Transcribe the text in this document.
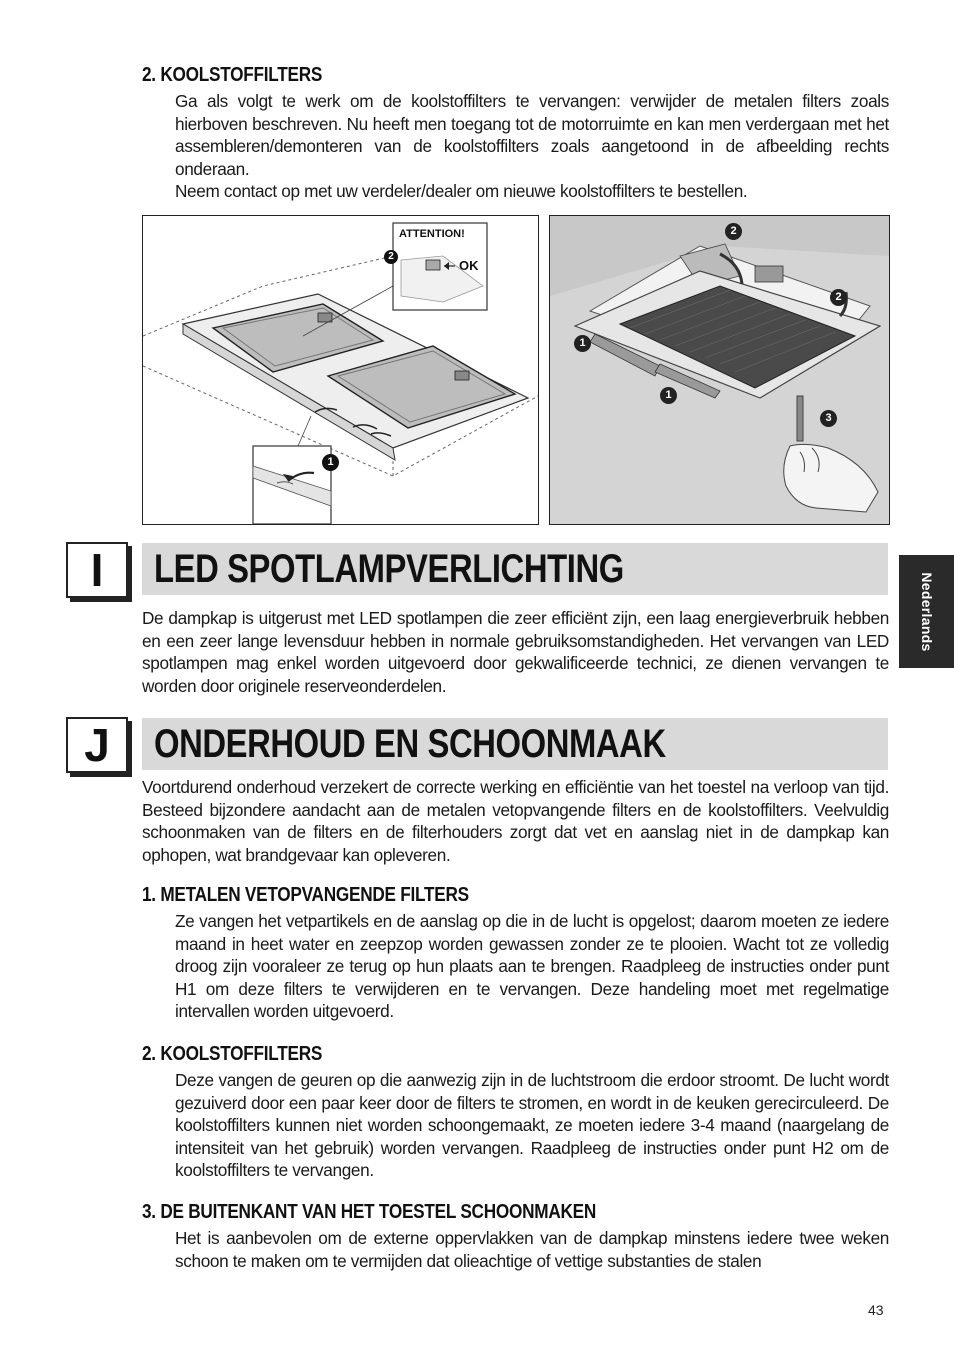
2. KOOLSTOFFILTERS

Ga als volgt te werk om de koolstoffilters te vervangen: verwijder de metalen filters zoals hierboven beschreven. Nu heeft men toegang tot de motorruimte en kan men verdergaan met het assembleren/demonteren van de koolstoffilters zoals aangetoond in de afbeelding rechts onderaan.

Neem contact op met uw verdeler/dealer om nieuwe koolstoffilters te bestellen.

ATTENTION!
OK
2
1
2
2
1
1
3
I	LED SPOTLAMPVERLICHTING
De dampkap is uitgerust met LED spotlampen die zeer efficiënt zijn, een laag energieverbruik hebben en een zeer lange levensduur hebben in normale gebruiksomstandigheden. Het vervangen van LED spotlampen mag enkel worden uitgevoerd door gekwalificeerde technici, ze dienen vervangen te worden door originele reserveonderdelen.
J	ONDERHOUD EN SCHOONMAAK
Voortdurend onderhoud verzekert de correcte werking en efficiëntie van het toestel na verloop van tijd. Besteed bijzondere aandacht aan de metalen vetopvangende filters en de koolstoffilters. Veelvuldig schoonmaken van de filters en de filterhouders zorgt dat vet en aanslag niet in de dampkap kan ophopen, wat brandgevaar kan opleveren.
1. METALEN VETOPVANGENDE FILTERS
Ze vangen het vetpartikels en de aanslag op die in de lucht is opgelost; daarom moeten ze iedere maand in heet water en zeepzop worden gewassen zonder ze te plooien. Wacht tot ze volledig droog zijn vooraleer ze terug op hun plaats aan te brengen. Raadpleeg de instructies onder punt H1 om deze filters te verwijderen en te vervangen. Deze handeling moet met regelmatige intervallen worden uitgevoerd.
2. KOOLSTOFFILTERS
Deze vangen de geuren op die aanwezig zijn in de luchtstroom die erdoor stroomt. De lucht wordt gezuiverd door een paar keer door de filters te stromen, en wordt in de keuken gerecirculeerd. De koolstoffilters kunnen niet worden schoongemaakt, ze moeten iedere 3-4 maand (naargelang de intensiteit van het gebruik) worden vervangen. Raadpleeg de instructies onder punt H2 om de koolstoffilters te vervangen.
3. DE BUITENKANT VAN HET TOESTEL SCHOONMAKEN
Het is aanbevolen om de externe oppervlakken van de dampkap minstens iedere twee weken schoon te maken om te vermijden dat olieachtige of vettige substanties de stalen
Nederlands
43
